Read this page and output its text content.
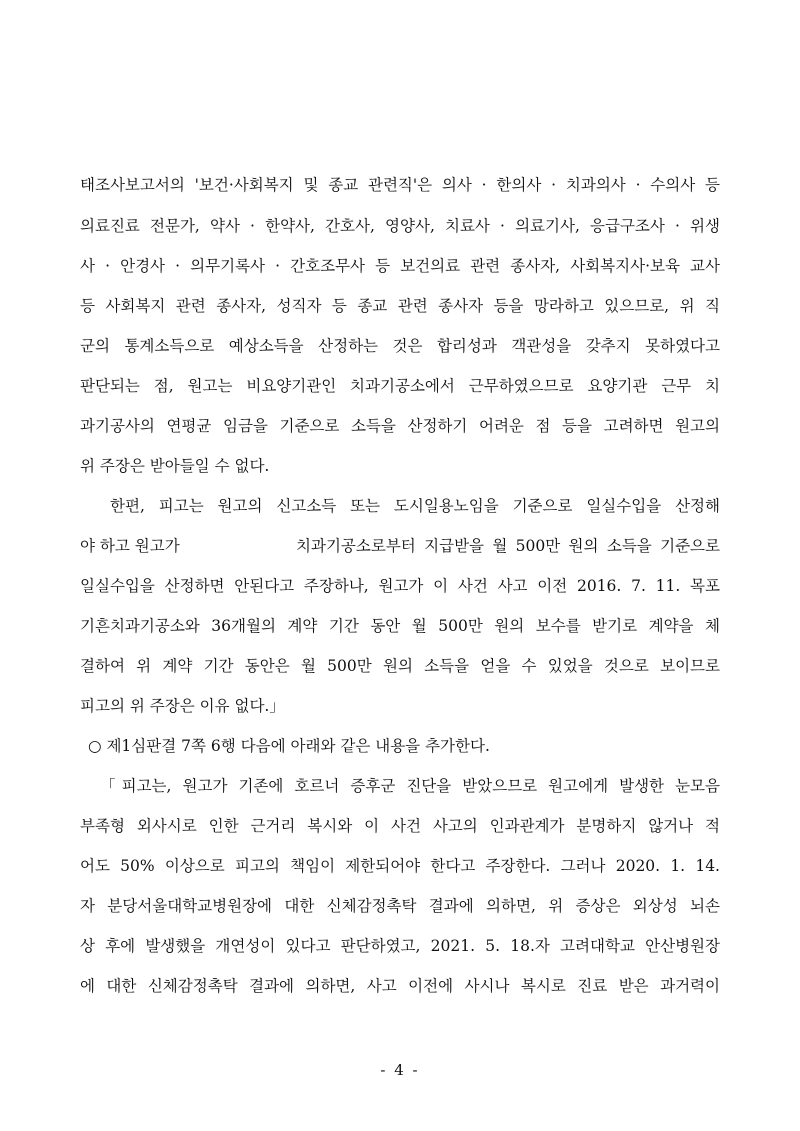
태조사보고서의 '보건·사회복지 및 종교 관련직'은 의사 · 한의사 · 치과의사 · 수의사 등
의료진료 전문가, 약사 · 한약사, 간호사, 영양사, 치료사 · 의료기사, 응급구조사 · 위생
사 · 안경사 · 의무기록사 · 간호조무사 등 보건의료 관련 종사자, 사회복지사·보육 교사
등 사회복지 관련 종사자, 성직자 등 종교 관련 종사자 등을 망라하고 있으므로, 위 직
군의 통계소득으로 예상소득을 산정하는 것은 합리성과 객관성을 갖추지 못하였다고
판단되는 점, 원고는 비요양기관인 치과기공소에서 근무하였으므로 요양기관 근무 치
과기공사의 연평균 임금을 기준으로 소득을 산정하기 어려운 점 등을 고려하면 원고의
위 주장은 받아들일 수 없다.
한편, 피고는 원고의 신고소득 또는 도시일용노임을 기준으로 일실수입을 산정해
야 하고 원고가	치과기공소로부터 지급받을 월 500만 원의 소득을 기준으로
일실수입을 산정하면 안된다고 주장하나, 원고가 이 사건 사고 이전 2016. 7. 11. 목포
기흔치과기공소와 36개월의 계약 기간 동안 월 500만 원의 보수를 받기로 계약을 체
결하여 위 계약 기간 동안은 월 500만 원의 소득을 얻을 수 있었을 것으로 보이므로
피고의 위 주장은 이유 없다.」
○ 제1심판결 7쪽 6행 다음에 아래와 같은 내용을 추가한다.
「피고는, 원고가 기존에 호르너 증후군 진단을 받았으므로 원고에게 발생한 눈모음
부족형 외사시로 인한 근거리 복시와 이 사건 사고의 인과관계가 분명하지 않거나 적
어도 50% 이상으로 피고의 책임이 제한되어야 한다고 주장한다. 그러나 2020. 1. 14.
자 분당서울대학교병원장에 대한 신체감정촉탁 결과에 의하면, 위 증상은 외상성 뇌손
상 후에 발생했을 개연성이 있다고 판단하였고, 2021. 5. 18.자 고려대학교 안산병원장
에 대한 신체감정촉탁 결과에 의하면, 사고 이전에 사시나 복시로 진료 받은 과거력이
- 4 -
